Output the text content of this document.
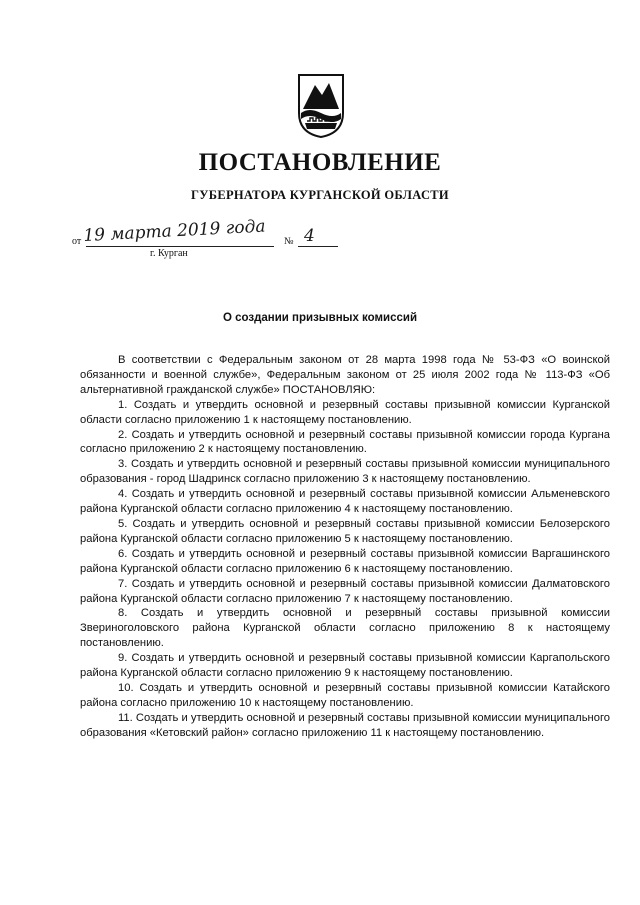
ПОСТАНОВЛЕНИЕ
ГУБЕРНАТОРА КУРГАНСКОЙ ОБЛАСТИ
от 19 марта 2019 года № 4
г. Курган
О создании призывных комиссий

В соответствии с Федеральным законом от 28 марта 1998 года № 53-ФЗ «О воинской обязанности и военной службе», Федеральным законом от 25 июля 2002 года № 113-ФЗ «Об альтернативной гражданской службе» ПОСТАНОВЛЯЮ:

1. Создать и утвердить основной и резервный составы призывной комиссии Курганской области согласно приложению 1 к настоящему постановлению.

2. Создать и утвердить основной и резервный составы призывной комиссии города Кургана согласно приложению 2 к настоящему постановлению.

3. Создать и утвердить основной и резервный составы призывной комиссии муниципального образования - город Шадринск согласно приложению 3 к настоящему постановлению.

4. Создать и утвердить основной и резервный составы призывной комиссии Альменевского района Курганской области согласно приложению 4 к настоящему постановлению.

5. Создать и утвердить основной и резервный составы призывной комиссии Белозерского района Курганской области согласно приложению 5 к настоящему постановлению.

6. Создать и утвердить основной и резервный составы призывной комиссии Варгашинского района Курганской области согласно приложению 6 к настоящему постановлению.

7. Создать и утвердить основной и резервный составы призывной комиссии Далматовского района Курганской области согласно приложению 7 к настоящему постановлению.

8. Создать и утвердить основной и резервный составы призывной комиссии Звериноголовского района Курганской области согласно приложению 8 к настоящему постановлению.

9. Создать и утвердить основной и резервный составы призывной комиссии Каргапольского района Курганской области согласно приложению 9 к настоящему постановлению.

10. Создать и утвердить основной и резервный составы призывной комиссии Катайского района согласно приложению 10 к настоящему постановлению.

11. Создать и утвердить основной и резервный составы призывной комиссии муниципального образования «Кетовский район» согласно приложению 11 к настоящему постановлению.
